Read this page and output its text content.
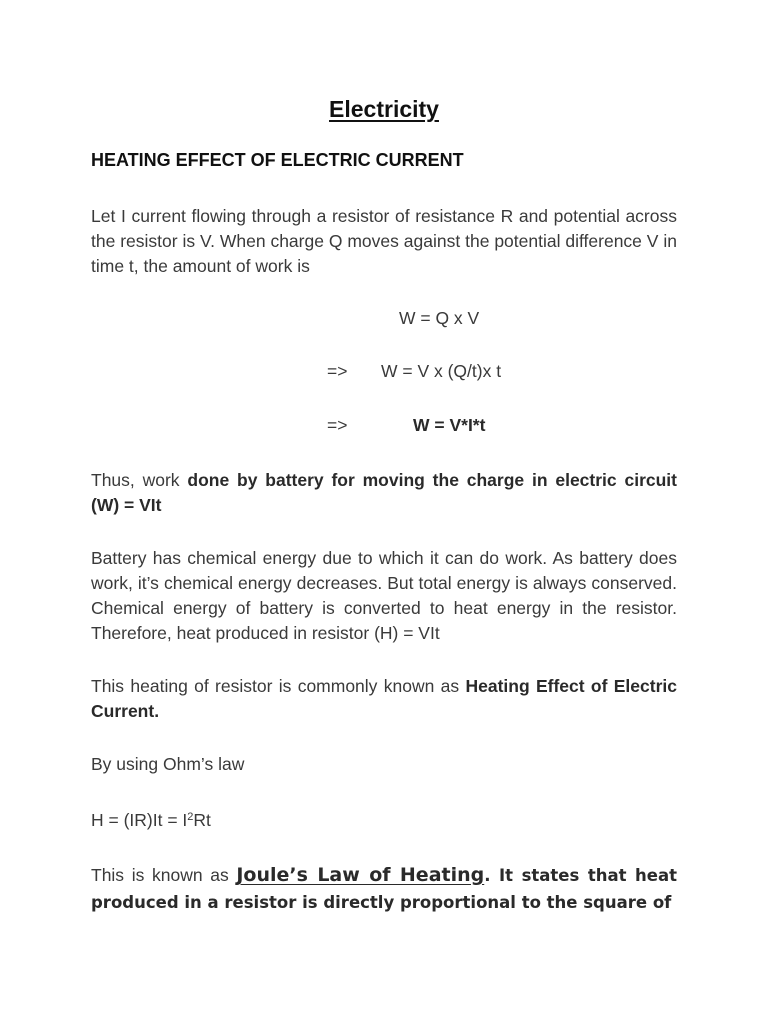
Electricity
HEATING EFFECT OF ELECTRIC CURRENT
Let I current flowing through a resistor of resistance R and potential across the resistor is V. When charge Q moves against the potential difference V in time t, the amount of work is
W = Q x V
=> W = V x (Q/t)x t
=>	W = V*I*t
Thus, work done by battery for moving the charge in electric circuit (W) = VIt
Battery has chemical energy due to which it can do work. As battery does work, it’s chemical energy decreases. But total energy is always conserved. Chemical energy of battery is converted to heat energy in the resistor. Therefore, heat produced in resistor (H) = VIt
This heating of resistor is commonly known as Heating Effect of Electric Current.
By using Ohm’s law
$H = (IR)It = I^2Rt$
This is known as Joule’s Law of Heating. It states that heat produced in a resistor is directly proportional to the square of
